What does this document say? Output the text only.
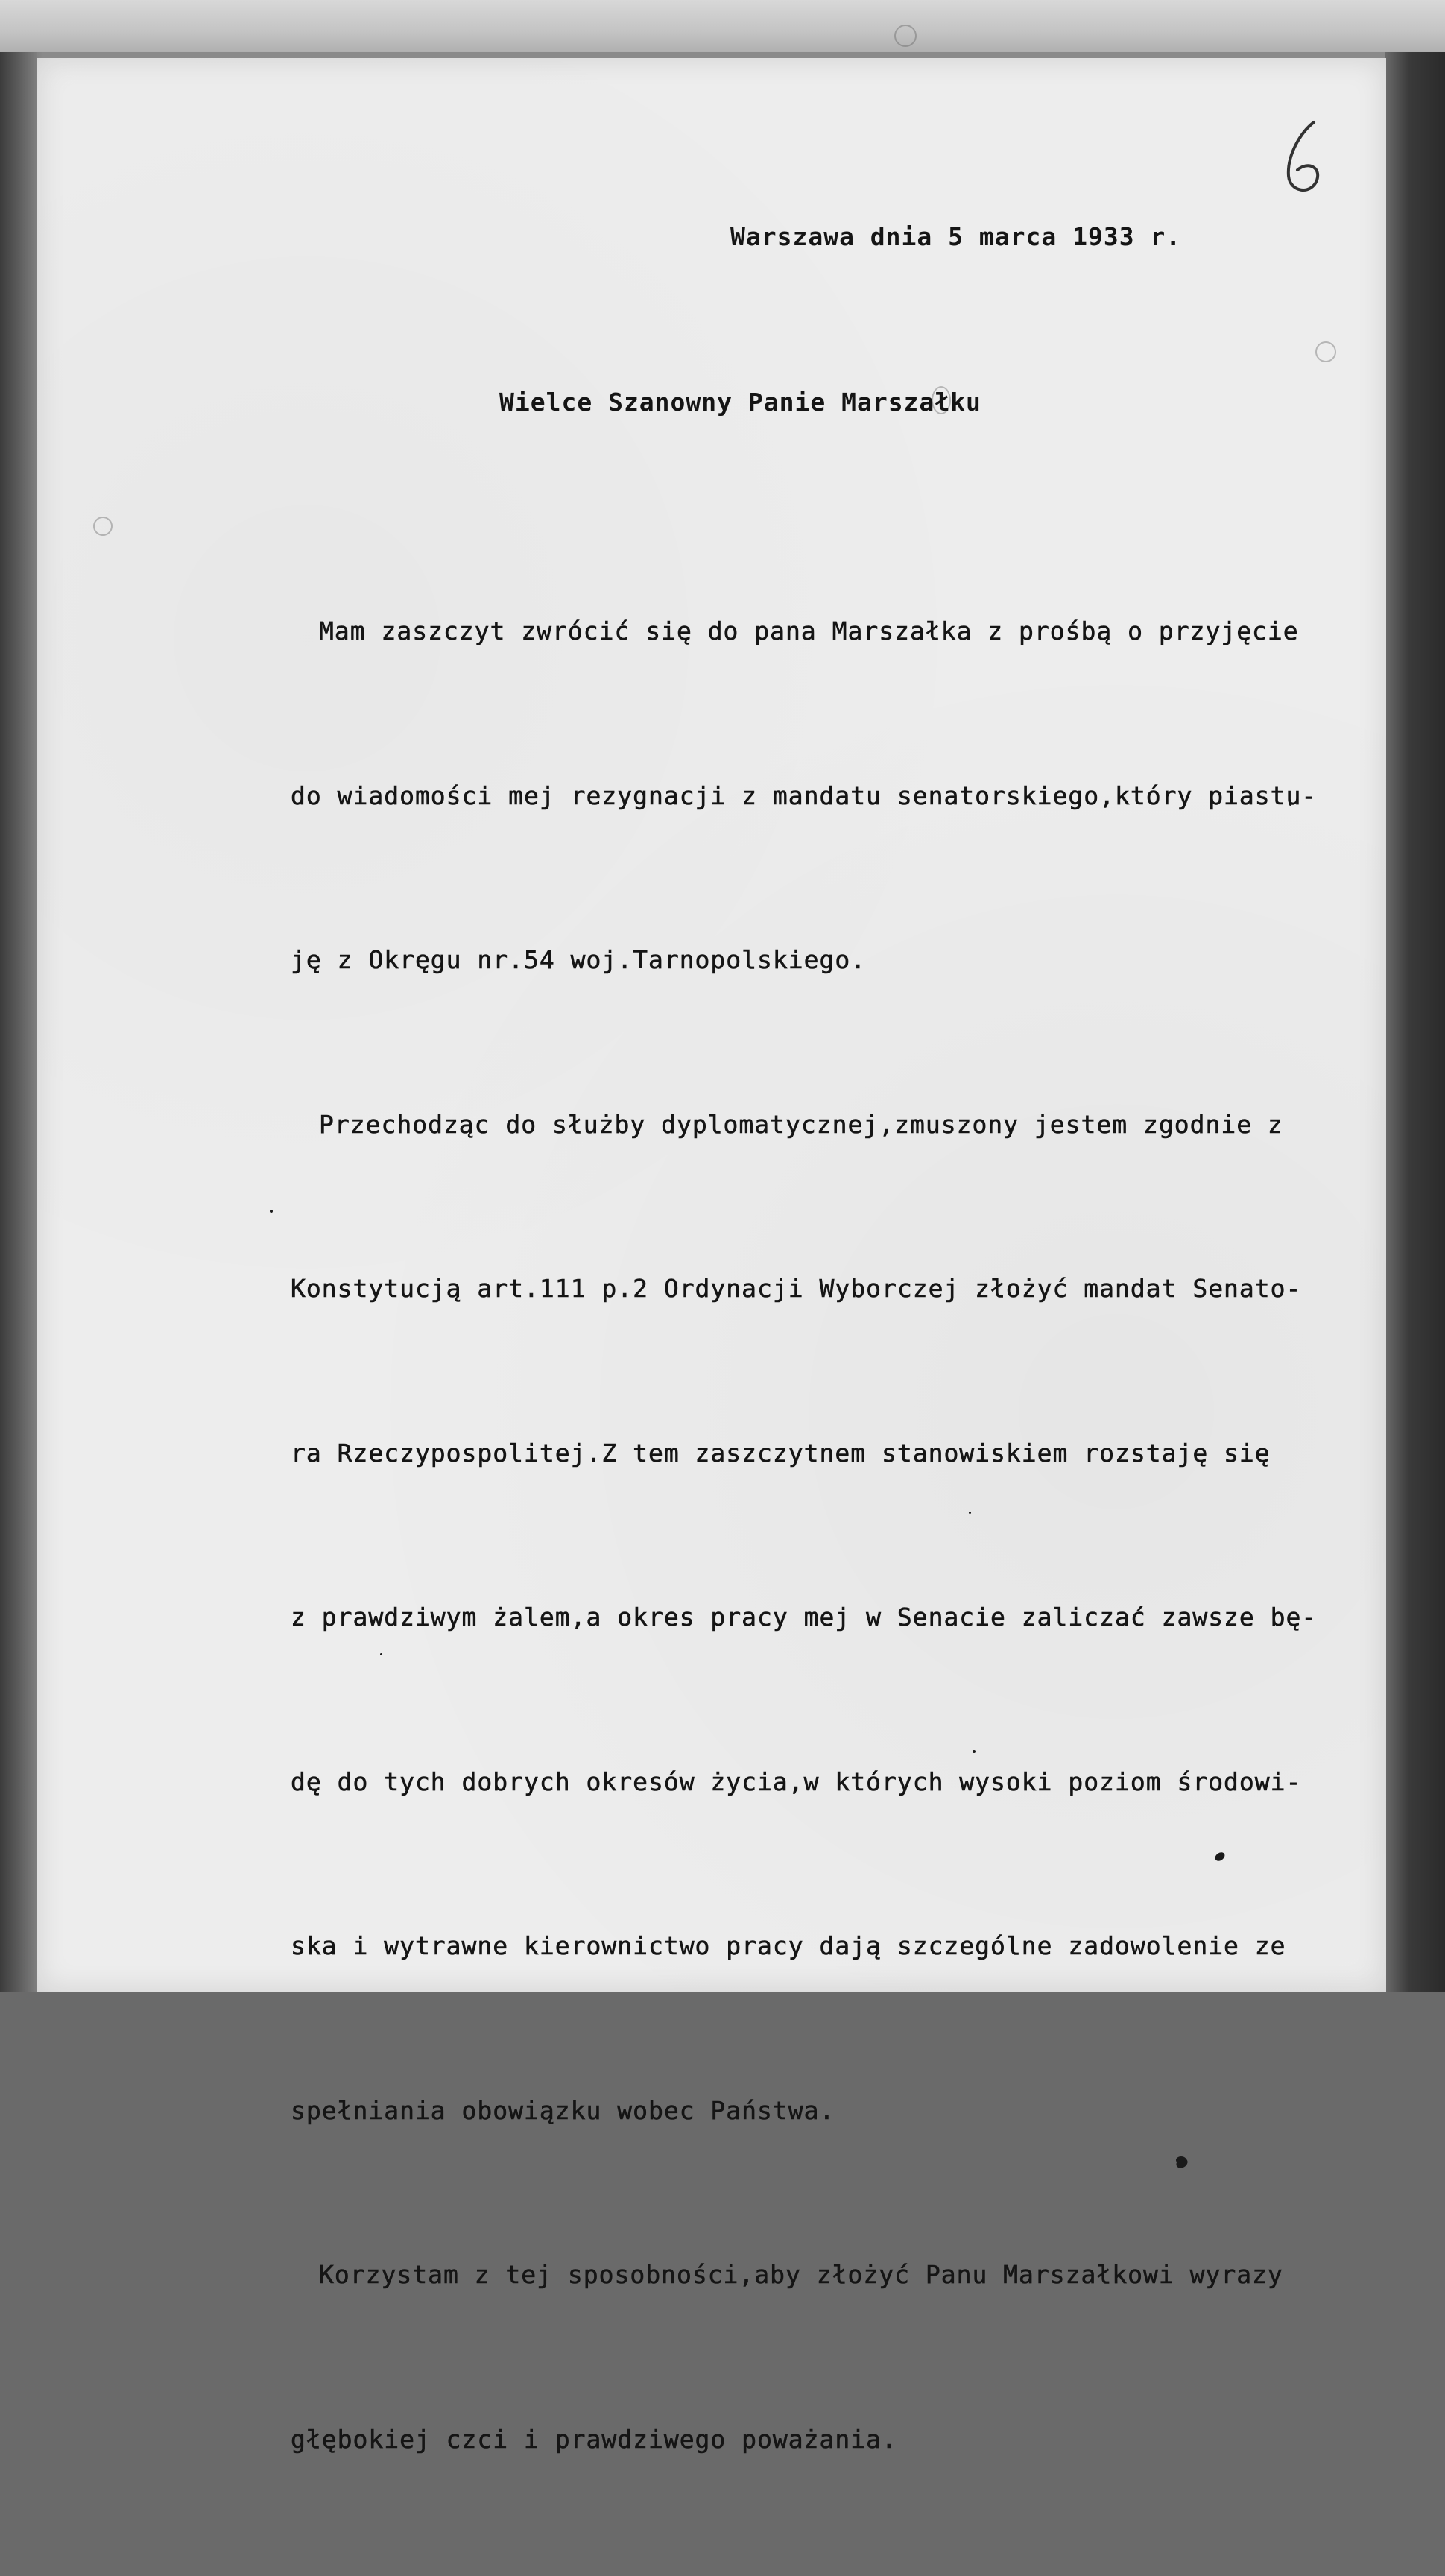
Warszawa dnia 5 marca 1933 r.
Wielce Szanowny Panie Marszałku

Mam zaszczyt zwrócić się do pana Marszałka z prośbą o przyjęcie

do wiadomości mej rezygnacji z mandatu senatorskiego,który piastu-

ję z Okręgu nr.54 woj.Tarnopolskiego.

Przechodząc do służby dyplomatycznej,zmuszony jestem zgodnie z

Konstytucją art.111 p.2 Ordynacji Wyborczej złożyć mandat Senato-

ra Rzeczypospolitej.Z tem zaszczytnem stanowiskiem rozstaję się

z prawdziwym żalem,a okres pracy mej w Senacie zaliczać zawsze bę-

dę do tych dobrych okresów życia,w których wysoki poziom środowi-

ska i wytrawne kierownictwo pracy dają szczególne zadowolenie ze

spełniania obowiązku wobec Państwa.

Korzystam z tej sposobności,aby złożyć Panu Marszałkowi wyrazy

głębokiej czci i prawdziwego poważania.
